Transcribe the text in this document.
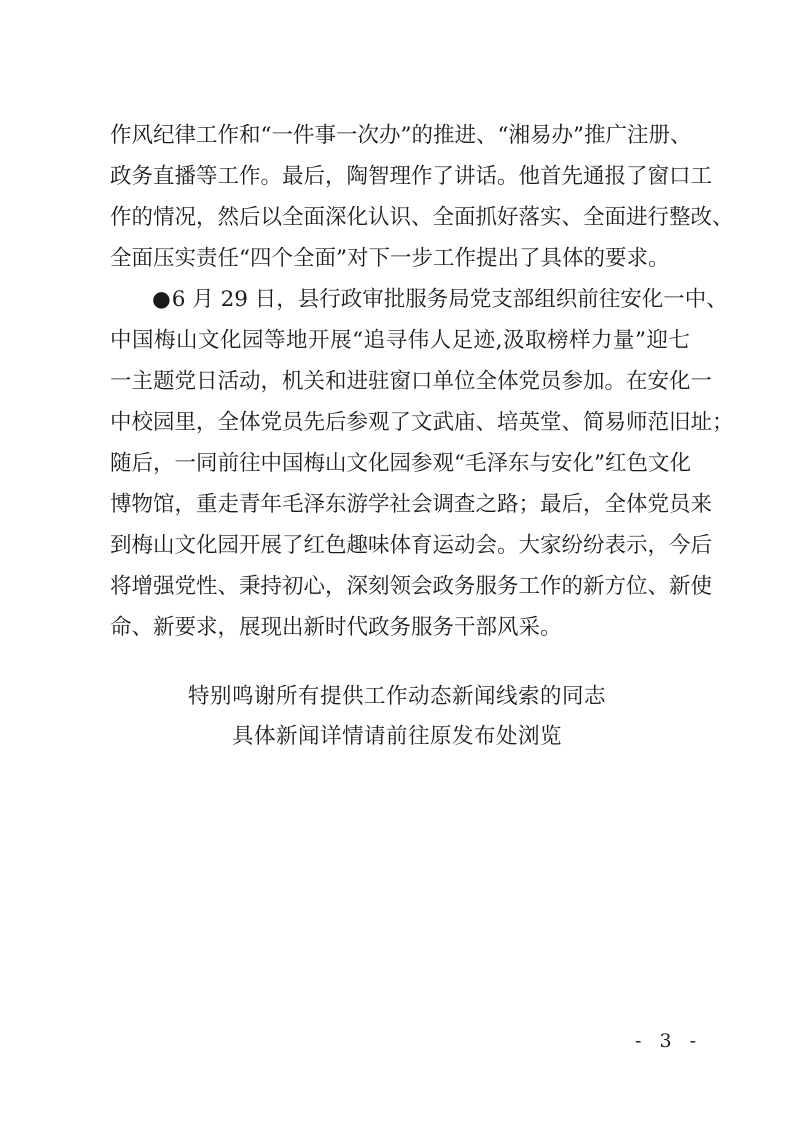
作风纪律工作和“一件事一次办”的推进、“湘易办”推广注册、
政务直播等工作。最后，陶智理作了讲话。他首先通报了窗口工
作的情况，然后以全面深化认识、全面抓好落实、全面进行整改、
全面压实责任“四个全面”对下一步工作提出了具体的要求。
●6 月 29 日，县行政审批服务局党支部组织前往安化一中、
中国梅山文化园等地开展“追寻伟人足迹,汲取榜样力量”迎七
一主题党日活动，机关和进驻窗口单位全体党员参加。在安化一
中校园里，全体党员先后参观了文武庙、培英堂、简易师范旧址；
随后，一同前往中国梅山文化园参观“毛泽东与安化”红色文化
博物馆，重走青年毛泽东游学社会调查之路；最后，全体党员来
到梅山文化园开展了红色趣味体育运动会。大家纷纷表示，今后
将增强党性、秉持初心，深刻领会政务服务工作的新方位、新使
命、新要求，展现出新时代政务服务干部风采。
特别鸣谢所有提供工作动态新闻线索的同志
具体新闻详情请前往原发布处浏览
- 3 -
